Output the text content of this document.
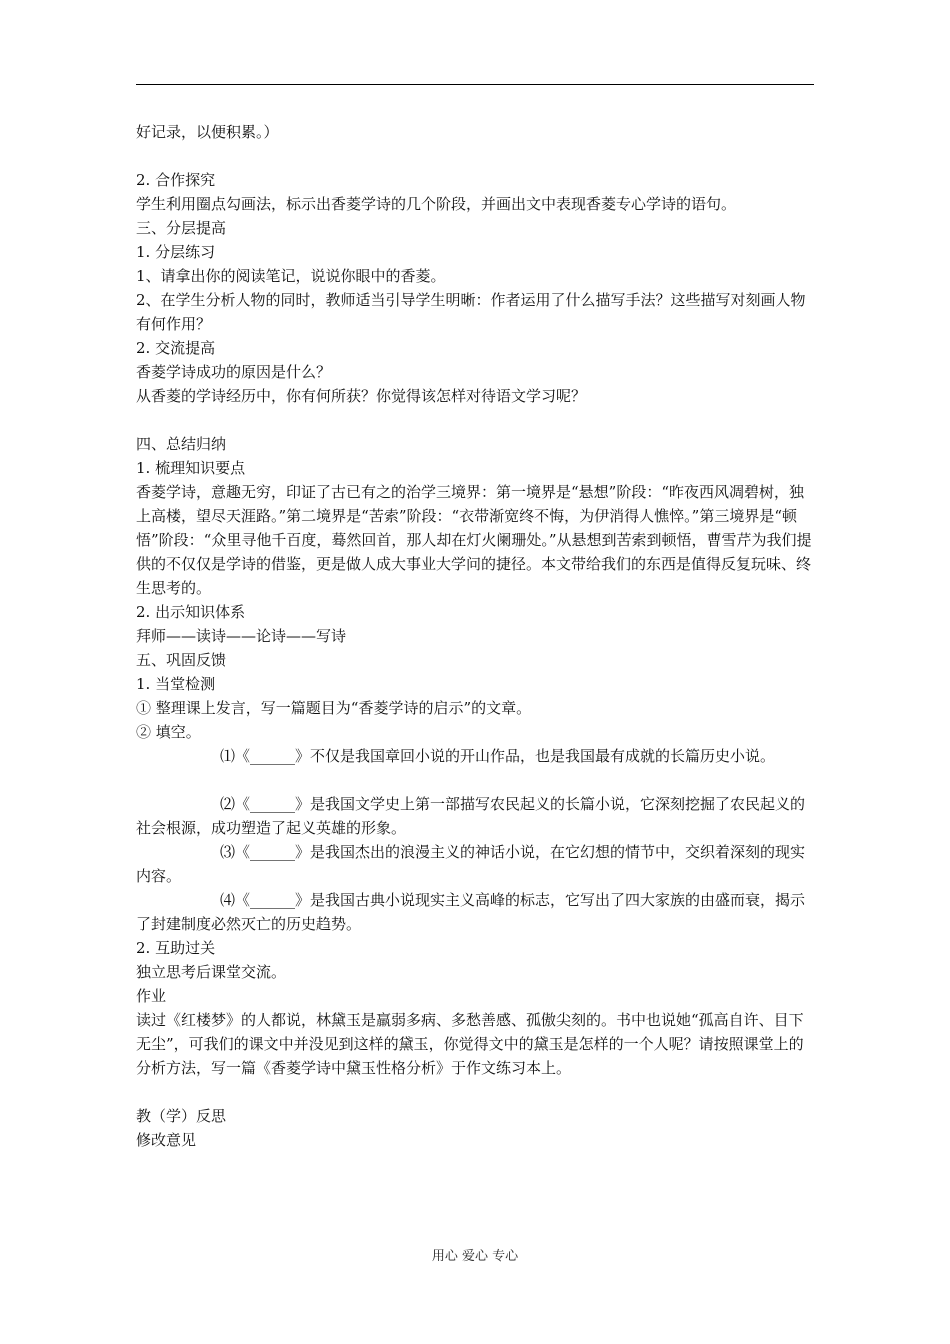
好记录，以便积累。）
2. 合作探究
学生利用圈点勾画法，标示出香菱学诗的几个阶段，并画出文中表现香菱专心学诗的语句。
三、分层提高
1. 分层练习
1、请拿出你的阅读笔记，说说你眼中的香菱。
2、在学生分析人物的同时，教师适当引导学生明晰：作者运用了什么描写手法？这些描写对刻画人物有何作用？
2. 交流提高
香菱学诗成功的原因是什么？
从香菱的学诗经历中，你有何所获？你觉得该怎样对待语文学习呢？
四、总结归纳
1. 梳理知识要点
香菱学诗，意趣无穷，印证了古已有之的治学三境界：第一境界是“悬想”阶段：“昨夜西风凋碧树，独上高楼，望尽天涯路。”第二境界是“苦索”阶段：“衣带渐宽终不悔，为伊消得人憔悴。”第三境界是“顿悟”阶段：“众里寻他千百度，蓦然回首，那人却在灯火阑珊处。”从悬想到苦索到顿悟，曹雪芹为我们提供的不仅仅是学诗的借鉴，更是做人成大事业大学问的捷径。本文带给我们的东西是值得反复玩味、终生思考的。
2. 出示知识体系
拜师——读诗——论诗——写诗
五、巩固反馈
1. 当堂检测
① 整理课上发言，写一篇题目为“香菱学诗的启示”的文章。
② 填空。
⑴《______》不仅是我国章回小说的开山作品，也是我国最有成就的长篇历史小说。
⑵《______》是我国文学史上第一部描写农民起义的长篇小说，它深刻挖掘了农民起义的社会根源，成功塑造了起义英雄的形象。
⑶《______》是我国杰出的浪漫主义的神话小说，在它幻想的情节中，交织着深刻的现实内容。
⑷《______》是我国古典小说现实主义高峰的标志，它写出了四大家族的由盛而衰，揭示了封建制度必然灭亡的历史趋势。
2. 互助过关
独立思考后课堂交流。
作业
读过《红楼梦》的人都说，林黛玉是羸弱多病、多愁善感、孤傲尖刻的。书中也说她“孤高自许、目下无尘”，可我们的课文中并没见到这样的黛玉，你觉得文中的黛玉是怎样的一个人呢？请按照课堂上的分析方法，写一篇《香菱学诗中黛玉性格分析》于作文练习本上。
教（学）反思
修改意见
用心 爱心 专心
